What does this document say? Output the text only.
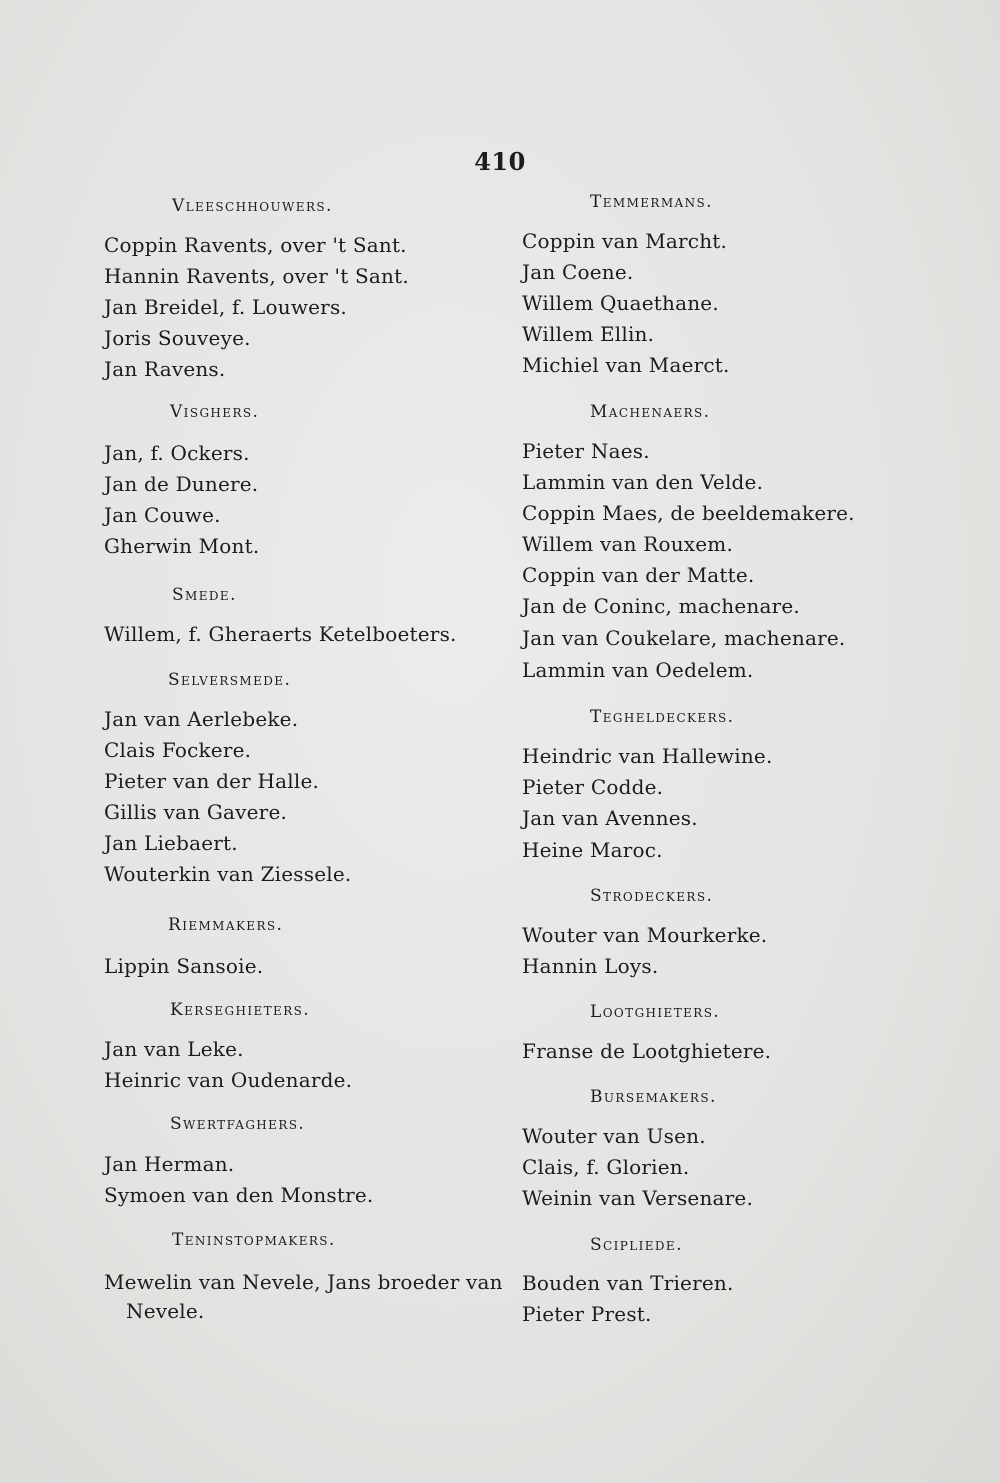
410
Vleeschhouwers.
Coppin Ravents, over 't Sant.
Hannin Ravents, over 't Sant.
Jan Breidel, f. Louwers.
Joris Souveye.
Jan Ravens.
Visghers.
Jan, f. Ockers.
Jan de Dunere.
Jan Couwe.
Gherwin Mont.
Smede.
Willem, f. Gheraerts Ketelboeters.
Selversmede.
Jan van Aerlebeke.
Clais Fockere.
Pieter van der Halle.
Gillis van Gavere.
Jan Liebaert.
Wouterkin van Ziessele.
Riemmakers.
Lippin Sansoie.
Kerseghieters.
Jan van Leke.
Heinric van Oudenarde.
Swertfaghers.
Jan Herman.
Symoen van den Monstre.
Teninstopmakers.
Mewelin van Nevele, Jans broeder van
Nevele.
Temmermans.
Coppin van Marcht.
Jan Coene.
Willem Quaethane.
Willem Ellin.
Michiel van Maerct.
Machenaers.
Pieter Naes.
Lammin van den Velde.
Coppin Maes, de beeldemakere.
Willem van Rouxem.
Coppin van der Matte.
Jan de Coninc, machenare.
Jan van Coukelare, machenare.
Lammin van Oedelem.
Tegheldeckers.
Heindric van Hallewine.
Pieter Codde.
Jan van Avennes.
Heine Maroc.
Strodeckers.
Wouter van Mourkerke.
Hannin Loys.
Lootghieters.
Franse de Lootghietere.
Bursemakers.
Wouter van Usen.
Clais, f. Glorien.
Weinin van Versenare.
Scipliede.
Bouden van Trieren.
Pieter Prest.
